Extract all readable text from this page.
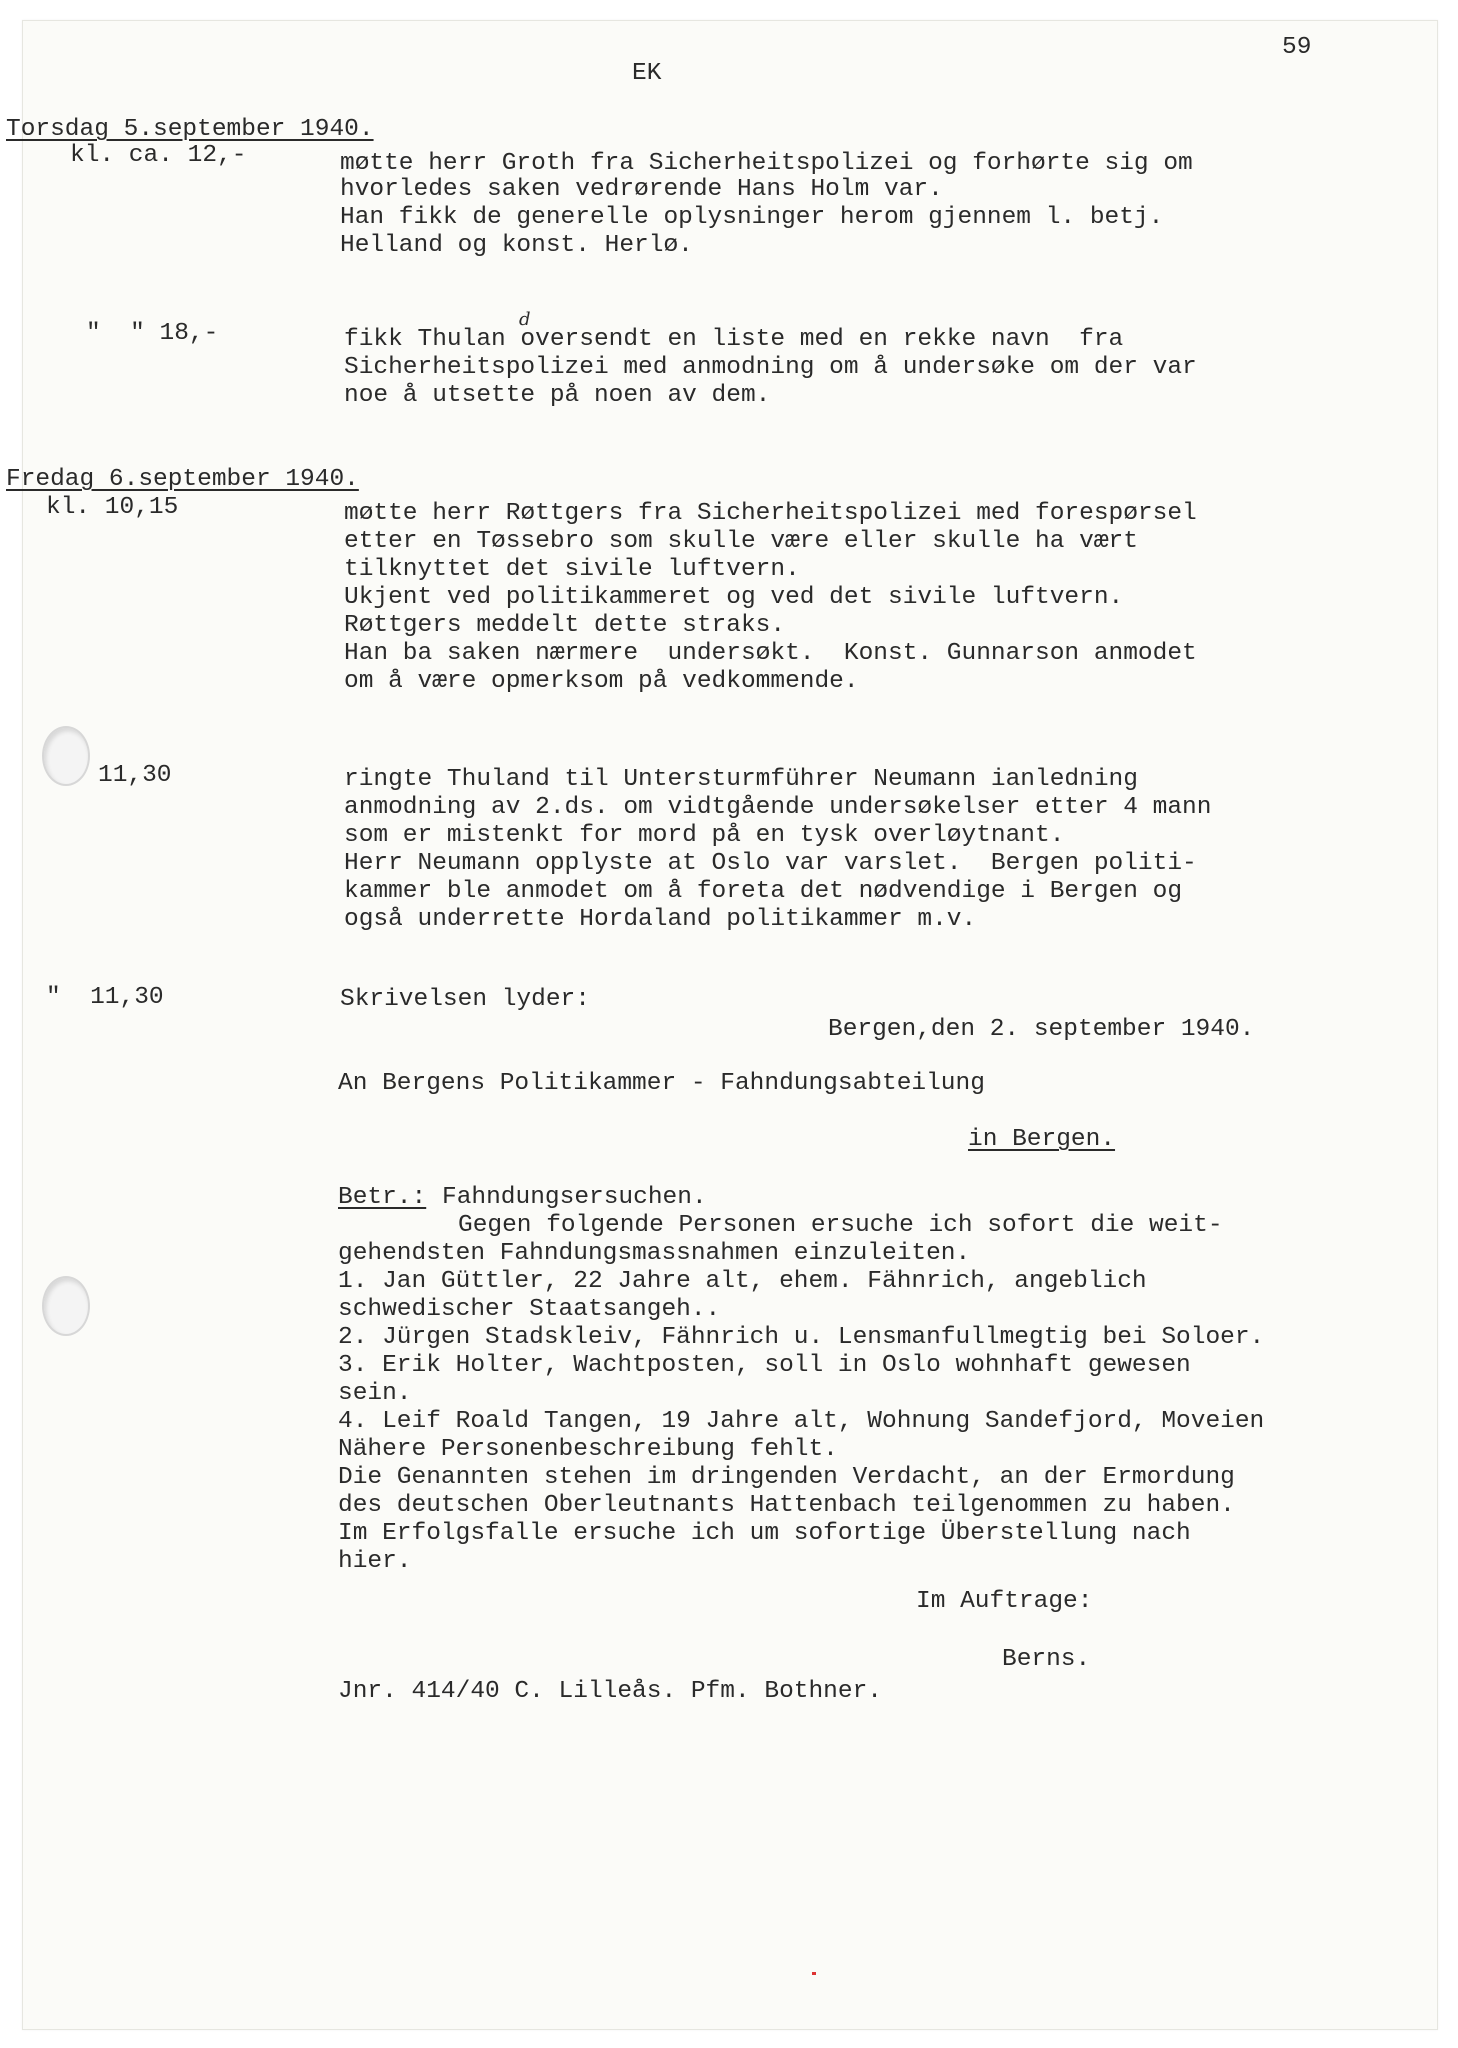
59
EK
Torsdag 5.september 1940.
kl. ca. 12,-	møtte herr Groth fra Sicherheitspolizei og forhørte sig om
hvorledes saken vedrørende Hans Holm var.
Han fikk de generelle oplysninger herom gjennem l. betj.
Helland og konst. Herlø.
"  " 18,-	fikk Thulan oversendt en liste med en rekke navn  fra
d
Sicherheitspolizei med anmodning om å undersøke om der var
noe å utsette på noen av dem.
Fredag 6.september 1940.
kl. 10,15	møtte herr Røttgers fra Sicherheitspolizei med forespørsel
etter en Tøssebro som skulle være eller skulle ha vært
tilknyttet det sivile luftvern.
Ukjent ved politikammeret og ved det sivile luftvern.
Røttgers meddelt dette straks.
Han ba saken nærmere  undersøkt.  Konst. Gunnarson anmodet
om å være opmerksom på vedkommende.
11,30	ringte Thuland til Untersturmführer Neumann ianledning
anmodning av 2.ds. om vidtgående undersøkelser etter 4 mann
som er mistenkt for mord på en tysk overløytnant.
Herr Neumann opplyste at Oslo var varslet.  Bergen politi-
kammer ble anmodet om å foreta det nødvendige i Bergen og
også underrette Hordaland politikammer m.v.
"  11,30	Skrivelsen lyder:
Bergen,den 2. september 1940.
An Bergens Politikammer - Fahndungsabteilung
in Bergen.
Betr.: Fahndungsersuchen.
Gegen folgende Personen ersuche ich sofort die weit-
gehendsten Fahndungsmassnahmen einzuleiten.
1. Jan Güttler, 22 Jahre alt, ehem. Fähnrich, angeblich
schwedischer Staatsangeh..
2. Jürgen Stadskleiv, Fähnrich u. Lensmanfullmegtig bei Soloer.
3. Erik Holter, Wachtposten, soll in Oslo wohnhaft gewesen
sein.
4. Leif Roald Tangen, 19 Jahre alt, Wohnung Sandefjord, Moveien
Nähere Personenbeschreibung fehlt.
Die Genannten stehen im dringenden Verdacht, an der Ermordung
des deutschen Oberleutnants Hattenbach teilgenommen zu haben.
Im Erfolgsfalle ersuche ich um sofortige Überstellung nach
hier.
Im Auftrage:
Berns.
Jnr. 414/40 C. Lilleås. Pfm. Bothner.
